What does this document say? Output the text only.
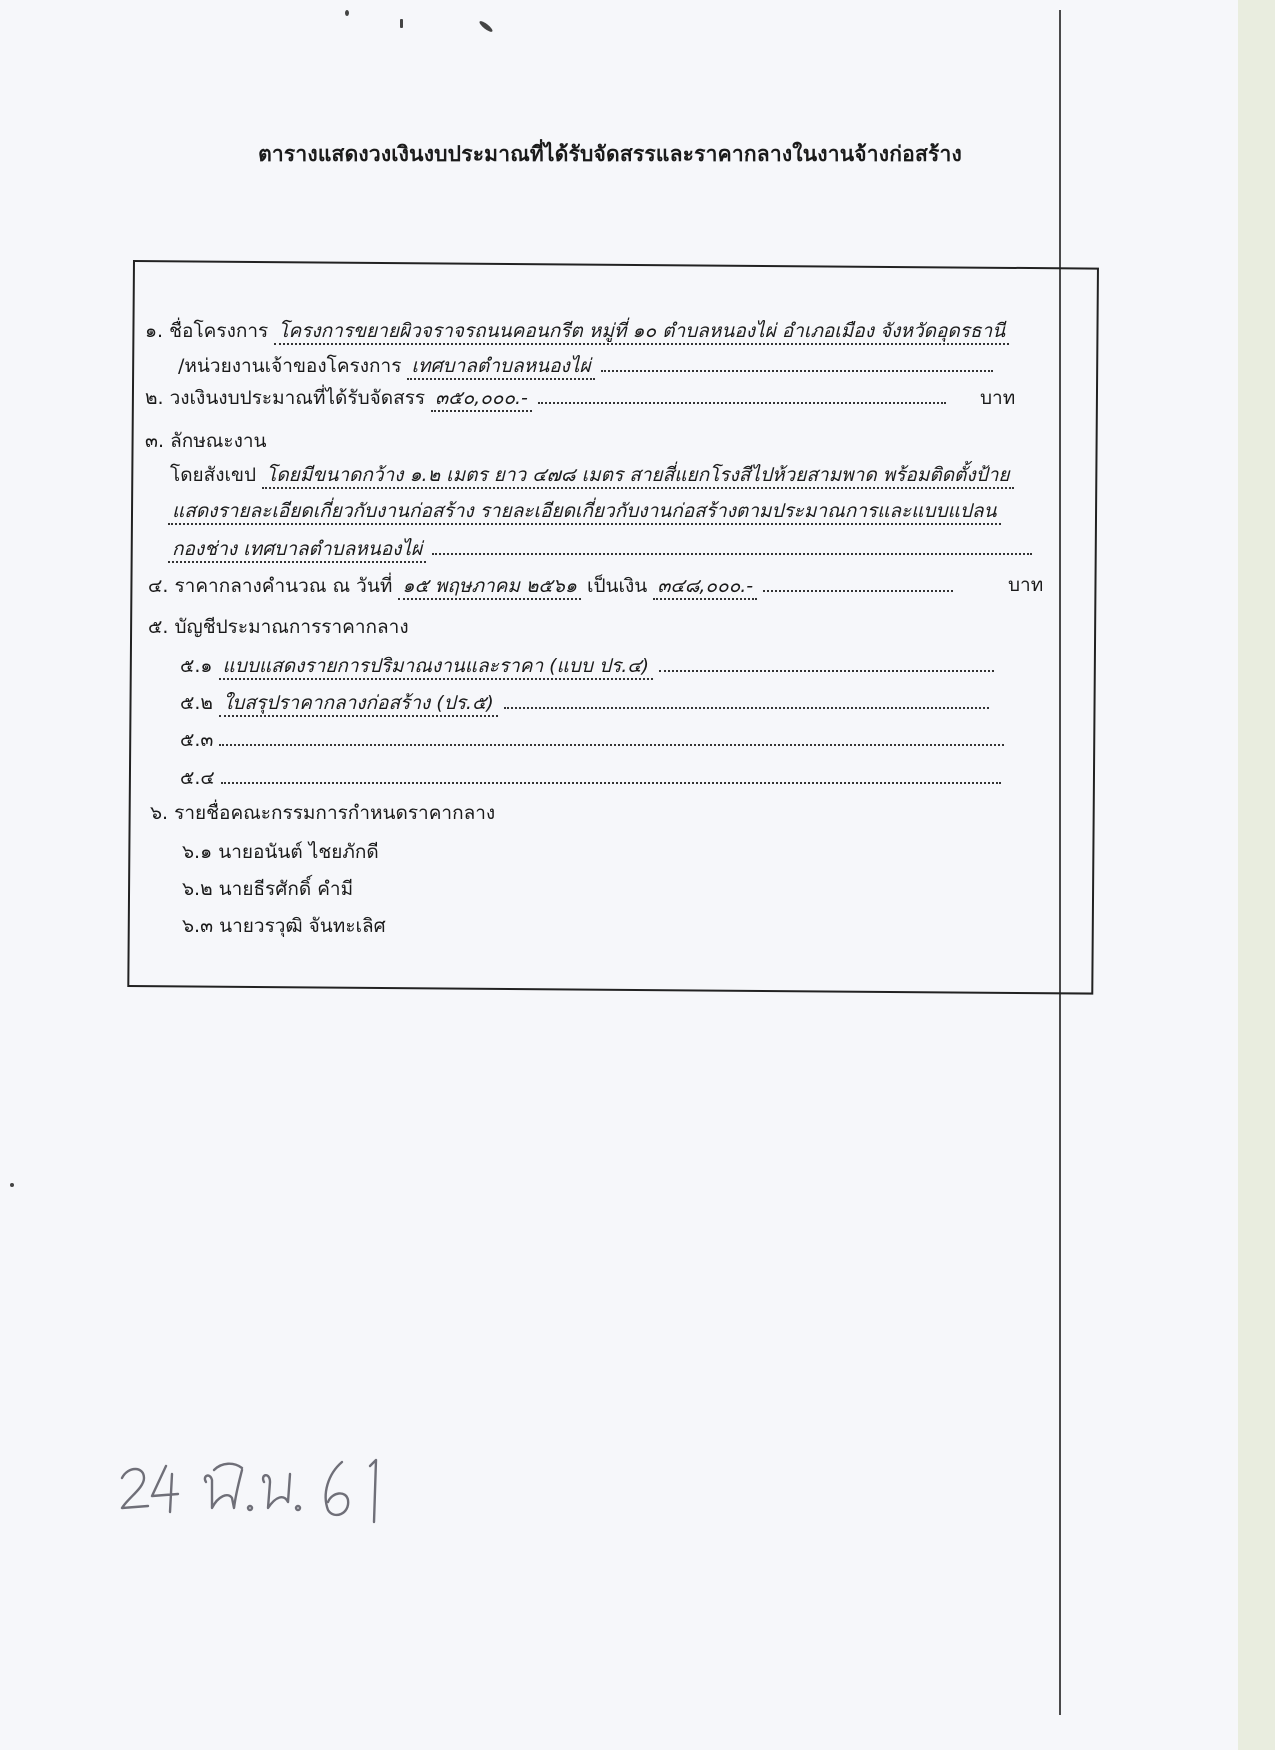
ตารางแสดงวงเงินงบประมาณที่ได้รับจัดสรรและราคากลางในงานจ้างก่อสร้าง
๑. ชื่อโครงการ โครงการขยายผิวจราจรถนนคอนกรีต หมู่ที่ ๑๐ ตำบลหนองไผ่ อำเภอเมือง จังหวัดอุดรธานี
/หน่วยงานเจ้าของโครงการ เทศบาลตำบลหนองไผ่
๒. วงเงินงบประมาณที่ได้รับจัดสรร ๓๕๐,๐๐๐.-	บาท
๓. ลักษณะงาน
โดยสังเขป โดยมีขนาดกว้าง ๑.๒ เมตร ยาว ๔๗๘ เมตร สายสี่แยกโรงสีไปห้วยสามพาด พร้อมติดตั้งป้าย
แสดงรายละเอียดเกี่ยวกับงานก่อสร้าง รายละเอียดเกี่ยวกับงานก่อสร้างตามประมาณการและแบบแปลน
กองช่าง เทศบาลตำบลหนองไผ่
๔. ราคากลางคำนวณ ณ วันที่ ๑๕ พฤษภาคม ๒๕๖๑ เป็นเงิน ๓๔๘,๐๐๐.-	บาท
๕. บัญชีประมาณการราคากลาง
๕.๑ แบบแสดงรายการปริมาณงานและราคา (แบบ ปร.๔)
๕.๒ ใบสรุปราคากลางก่อสร้าง (ปร.๕)
๕.๓
๕.๔
๖. รายชื่อคณะกรรมการกำหนดราคากลาง
๖.๑ นายอนันต์ ไชยภักดี
๖.๒ นายธีรศักดิ์ คำมี
๖.๓ นายวรวุฒิ จันทะเลิศ
